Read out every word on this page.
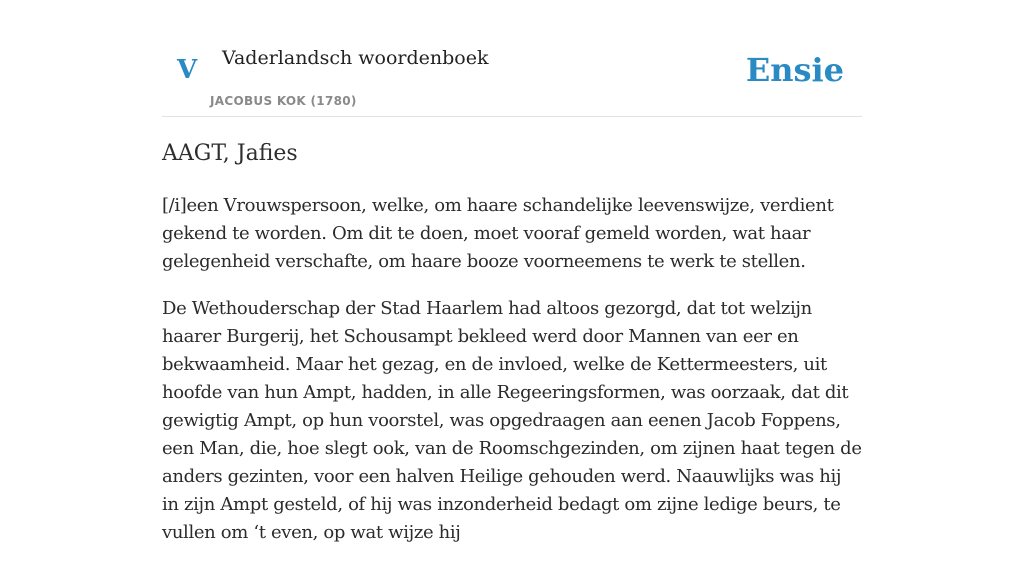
V Vaderlandsch woordenboek
JACOBUS KOK (1780)
Ensie
AAGT, Jafies

[/i]een Vrouwspersoon, welke, om haare schandelijke leevenswijze, verdient gekend te worden. Om dit te doen, moet vooraf gemeld worden, wat haar gelegenheid verschafte, om haare booze voorneemens te werk te stellen.

De Wethouderschap der Stad Haarlem had altoos gezorgd, dat tot welzijn haarer Burgerij, het Schousampt bekleed werd door Mannen van eer en bekwaamheid. Maar het gezag, en de invloed, welke de Kettermeesters, uit hoofde van hun Ampt, hadden, in alle Regeeringsformen, was oorzaak, dat dit gewigtig Ampt, op hun voorstel, was opgedraagen aan eenen Jacob Foppens, een Man, die, hoe slegt ook, van de Roomschgezinden, om zijnen haat tegen de anders gezinten, voor een halven Heilige gehouden werd. Naauwlijks was hij in zijn Ampt gesteld, of hij was inzonderheid bedagt om zijne ledige beurs, te vullen om ‘t even, op wat wijze hij
